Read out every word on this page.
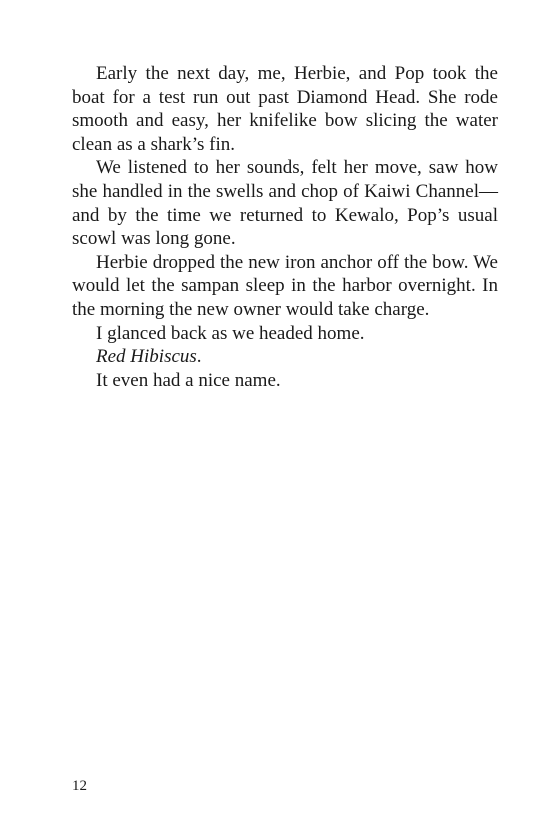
Early the next day, me, Herbie, and Pop took the boat for a test run out past Diamond Head. She rode smooth and easy, her knifelike bow slicing the water clean as a shark’s fin.

We listened to her sounds, felt her move, saw how she handled in the swells and chop of Kaiwi Channel—and by the time we returned to Kewalo, Pop’s usual scowl was long gone.

Herbie dropped the new iron anchor off the bow. We would let the sampan sleep in the harbor overnight. In the morning the new owner would take charge.

I glanced back as we headed home.

Red Hibiscus.

It even had a nice name.

12
